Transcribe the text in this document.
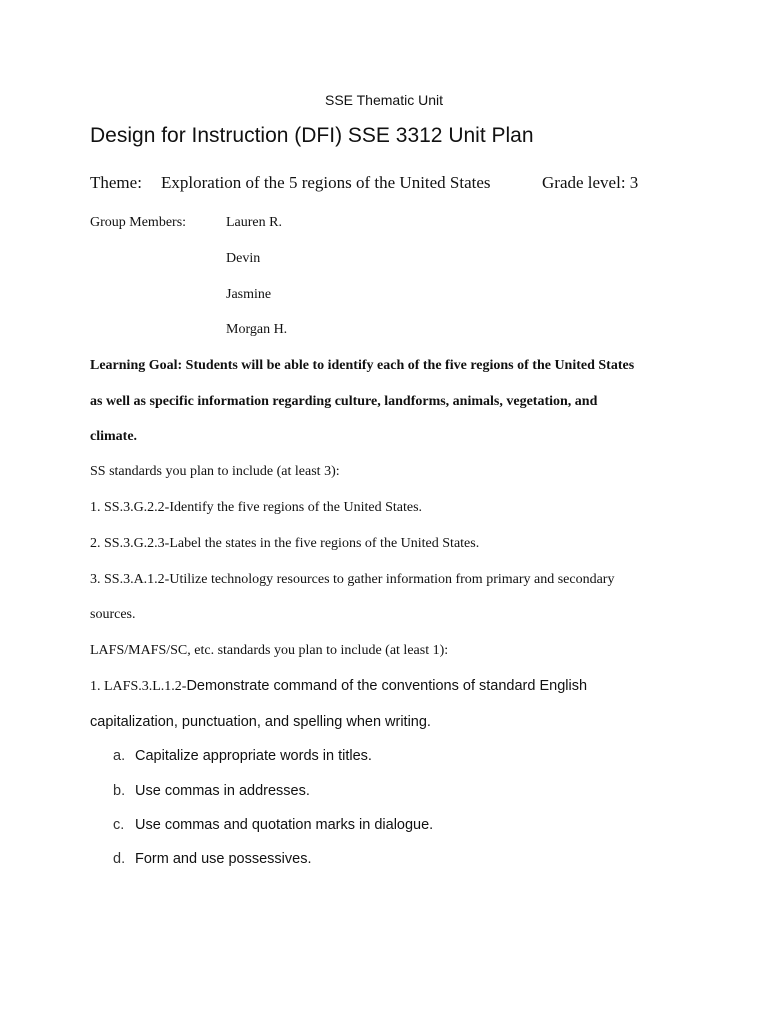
SSE Thematic Unit
Design for Instruction (DFI) SSE 3312 Unit Plan
Theme: Exploration of the 5 regions of the United States	Grade level: 3
Group Members:	Lauren R.
Devin
Jasmine
Morgan H.
Learning Goal: Students will be able to identify each of the five regions of the United States
as well as specific information regarding culture, landforms, animals, vegetation, and
climate.
SS standards you plan to include (at least 3):
1. SS.3.G.2.2-Identify the five regions of the United States.
2. SS.3.G.2.3-Label the states in the five regions of the United States.
3. SS.3.A.1.2-Utilize technology resources to gather information from primary and secondary
sources.
LAFS/MAFS/SC, etc. standards you plan to include (at least 1):
1. LAFS.3.L.1.2-Demonstrate command of the conventions of standard English
capitalization, punctuation, and spelling when writing.
a. Capitalize appropriate words in titles.
b. Use commas in addresses.
c. Use commas and quotation marks in dialogue.
d. Form and use possessives.
